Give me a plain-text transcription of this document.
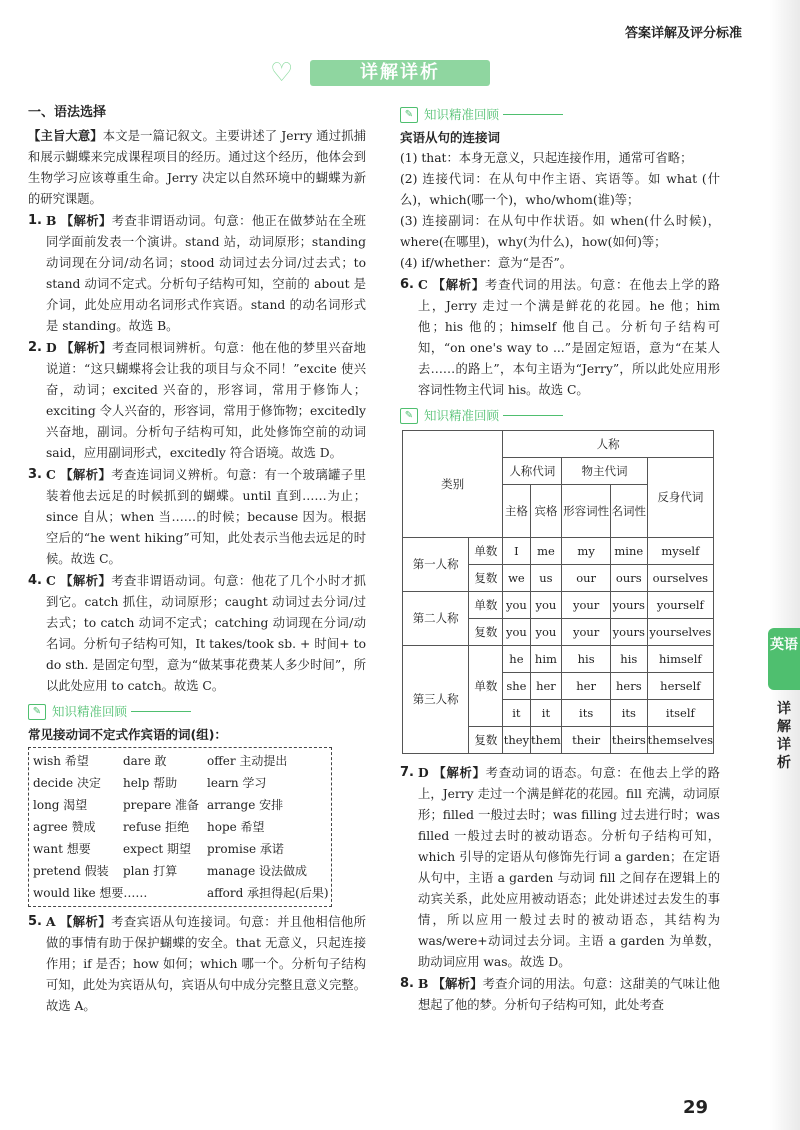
答案详解及评分标准
♡	详解详析

一、语法选择

【主旨大意】本文是一篇记叙文。主要讲述了 Jerry 通过抓捕和展示蝴蝶来完成课程项目的经历。通过这个经历，他体会到生物学习应该尊重生命。Jerry 决定以自然环境中的蝴蝶为新的研究课题。

1. B 【解析】考查非谓语动词。句意：他正在做梦站在全班同学面前发表一个演讲。stand 站，动词原形；standing 动词现在分词/动名词；stood 动词过去分词/过去式；to stand 动词不定式。分析句子结构可知，空前的 about 是介词，此处应用动名词形式作宾语。stand 的动名词形式是 standing。故选 B。
2. D 【解析】考查同根词辨析。句意：他在他的梦里兴奋地说道：“这只蝴蝶将会让我的项目与众不同！”excite 使兴奋，动词；excited 兴奋的，形容词，常用于修饰人；exciting 令人兴奋的，形容词，常用于修饰物；excitedly 兴奋地，副词。分析句子结构可知，此处修饰空前的动词 said，应用副词形式，excitedly 符合语境。故选 D。
3. C 【解析】考查连词词义辨析。句意：有一个玻璃罐子里装着他去远足的时候抓到的蝴蝶。until 直到……为止；since 自从；when 当……的时候；because 因为。根据空后的“he went hiking”可知，此处表示当他去远足的时候。故选 C。
4. C 【解析】考查非谓语动词。句意：他花了几个小时才抓到它。catch 抓住，动词原形；caught 动词过去分词/过去式；to catch 动词不定式；catching 动词现在分词/动名词。分析句子结构可知，It takes/took sb. + 时间+ to do sth. 是固定句型，意为“做某事花费某人多少时间”，所以此处应用 to catch。故选 C。
✎ 知识精准回顾
常见接动词不定式作宾语的词(组)：
wish 希望	dare 敢	offer 主动提出
decide 决定	help 帮助	learn 学习
long 渴望	prepare 准备 arrange 安排
agree 赞成	refuse 拒绝	hope 希望
want 想要	expect 期望	promise 承诺
pretend 假装	plan 打算	manage 设法做成
would like 想要……	afford 承担得起(后果)
5. A 【解析】考查宾语从句连接词。句意：并且他相信他所做的事情有助于保护蝴蝶的安全。that 无意义，只起连接作用；if 是否；how 如何；which 哪一个。分析句子结构可知，此处为宾语从句，宾语从句中成分完整且意义完整。故选 A。
✎ 知识精准回顾
宾语从句的连接词

(1) that：本身无意义，只起连接作用，通常可省略；

(2) 连接代词：在从句中作主语、宾语等。如 what (什么)，which(哪一个)，who/whom(谁)等；

(3) 连接副词：在从句中作状语。如 when(什么时候)，where(在哪里)，why(为什么)，how(如何)等；

(4) if/whether：意为“是否”。

6. C 【解析】考查代词的用法。句意：在他去上学的路上，Jerry 走过一个满是鲜花的花园。he 他；him 他；his 他的；himself 他自己。分析句子结构可知，“on one's way to ...”是固定短语，意为“在某人去……的路上”，本句主语为“Jerry”，所以此处应用形容词性物主代词 his。故选 C。
✎ 知识精准回顾
类别		人称				
		人称代词		物主代词		反身代词
		主格	宾格	形容词性	名词性	
第一人称	单数	I	me	my	mine	myself
	复数	we	us	our	ours	ourselves
第二人称	单数	you	you	your	yours	yourself
	复数	you	you	your	yours	yourselves
第三人称	单数	he	him	his	his	himself
		she	her	her	hers	herself
		it	it	its	its	itself
	复数	they	them	their	theirs	themselves
7. D 【解析】考查动词的语态。句意：在他去上学的路上，Jerry 走过一个满是鲜花的花园。fill 充满，动词原形；filled 一般过去时；was filling 过去进行时；was filled 一般过去时的被动语态。分析句子结构可知，which 引导的定语从句修饰先行词 a garden；在定语从句中，主语 a garden 与动词 fill 之间存在逻辑上的动宾关系，此处应用被动语态；此处讲述过去发生的事情，所以应用一般过去时的被动语态，其结构为 was/were+动词过去分词。主语 a garden 为单数，助动词应用 was。故选 D。
8. B 【解析】考查介词的用法。句意：这甜美的气味让他想起了他的梦。分析句子结构可知，此处考查
英语
详解详析
29
